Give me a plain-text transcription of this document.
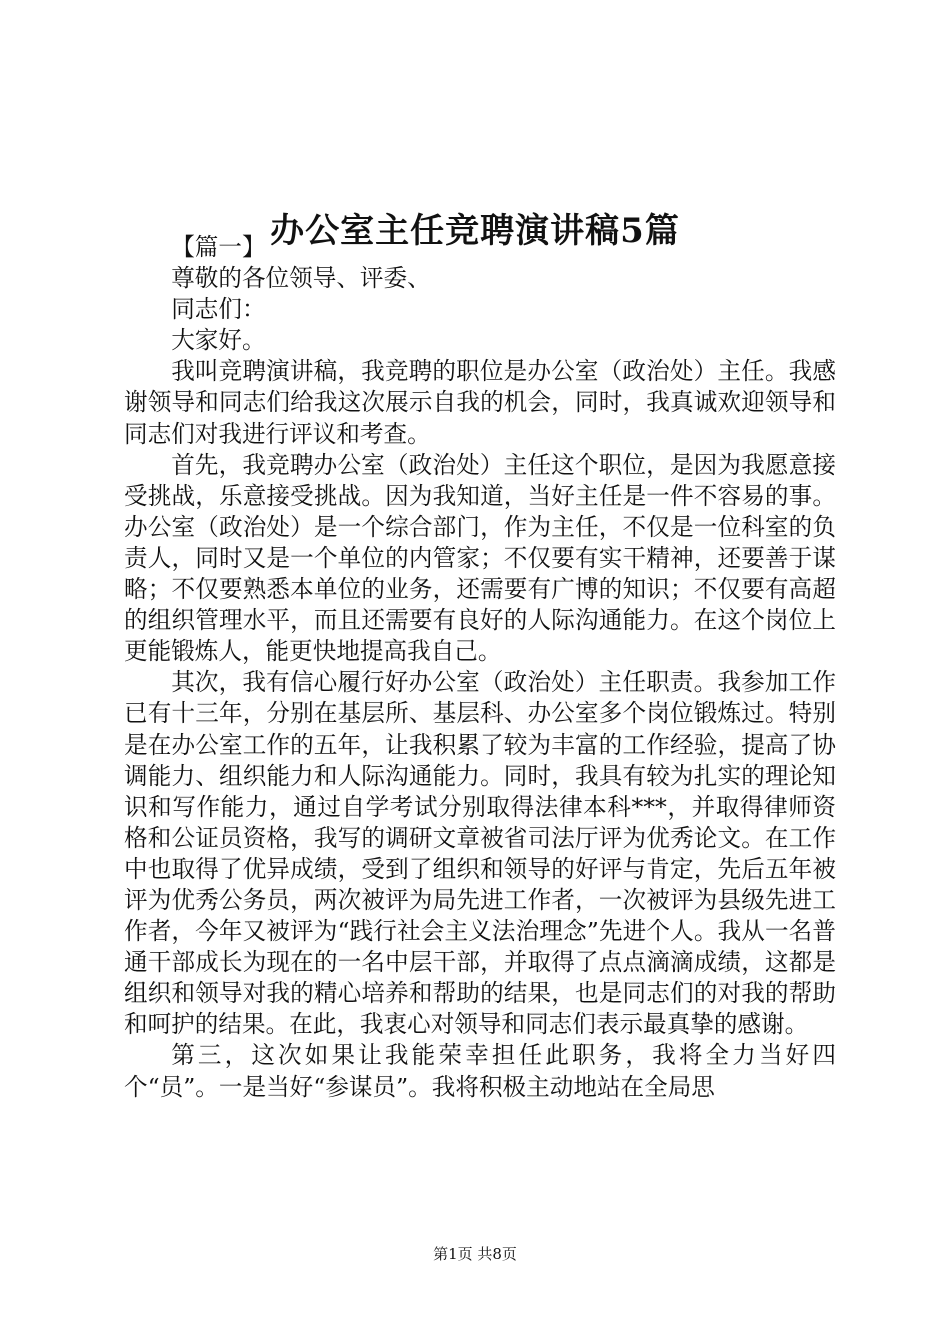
办公室主任竞聘演讲稿5篇

【篇一】

尊敬的各位领导、评委、

同志们：

大家好。

我叫竞聘演讲稿，我竞聘的职位是办公室（政治处）主任。我感谢领导和同志们给我这次展示自我的机会，同时，我真诚欢迎领导和同志们对我进行评议和考查。

首先，我竞聘办公室（政治处）主任这个职位，是因为我愿意接受挑战，乐意接受挑战。因为我知道，当好主任是一件不容易的事。办公室（政治处）是一个综合部门，作为主任，不仅是一位科室的负责人，同时又是一个单位的内管家；不仅要有实干精神，还要善于谋略；不仅要熟悉本单位的业务，还需要有广博的知识；不仅要有高超的组织管理水平，而且还需要有良好的人际沟通能力。在这个岗位上更能锻炼人，能更快地提高我自己。

其次，我有信心履行好办公室（政治处）主任职责。我参加工作已有十三年，分别在基层所、基层科、办公室多个岗位锻炼过。特别是在办公室工作的五年，让我积累了较为丰富的工作经验，提高了协调能力、组织能力和人际沟通能力。同时，我具有较为扎实的理论知识和写作能力，通过自学考试分别取得法律本科***，并取得律师资格和公证员资格，我写的调研文章被省司法厅评为优秀论文。在工作中也取得了优异成绩，受到了组织和领导的好评与肯定，先后五年被评为优秀公务员，两次被评为局先进工作者，一次被评为县级先进工作者，今年又被评为“践行社会主义法治理念”先进个人。我从一名普通干部成长为现在的一名中层干部，并取得了点点滴滴成绩，这都是组织和领导对我的精心培养和帮助的结果，也是同志们的对我的帮助和呵护的结果。在此，我衷心对领导和同志们表示最真挚的感谢。

第三，这次如果让我能荣幸担任此职务，我将全力当好四个“员”。一是当好“参谋员”。我将积极主动地站在全局思

第1页 共8页
